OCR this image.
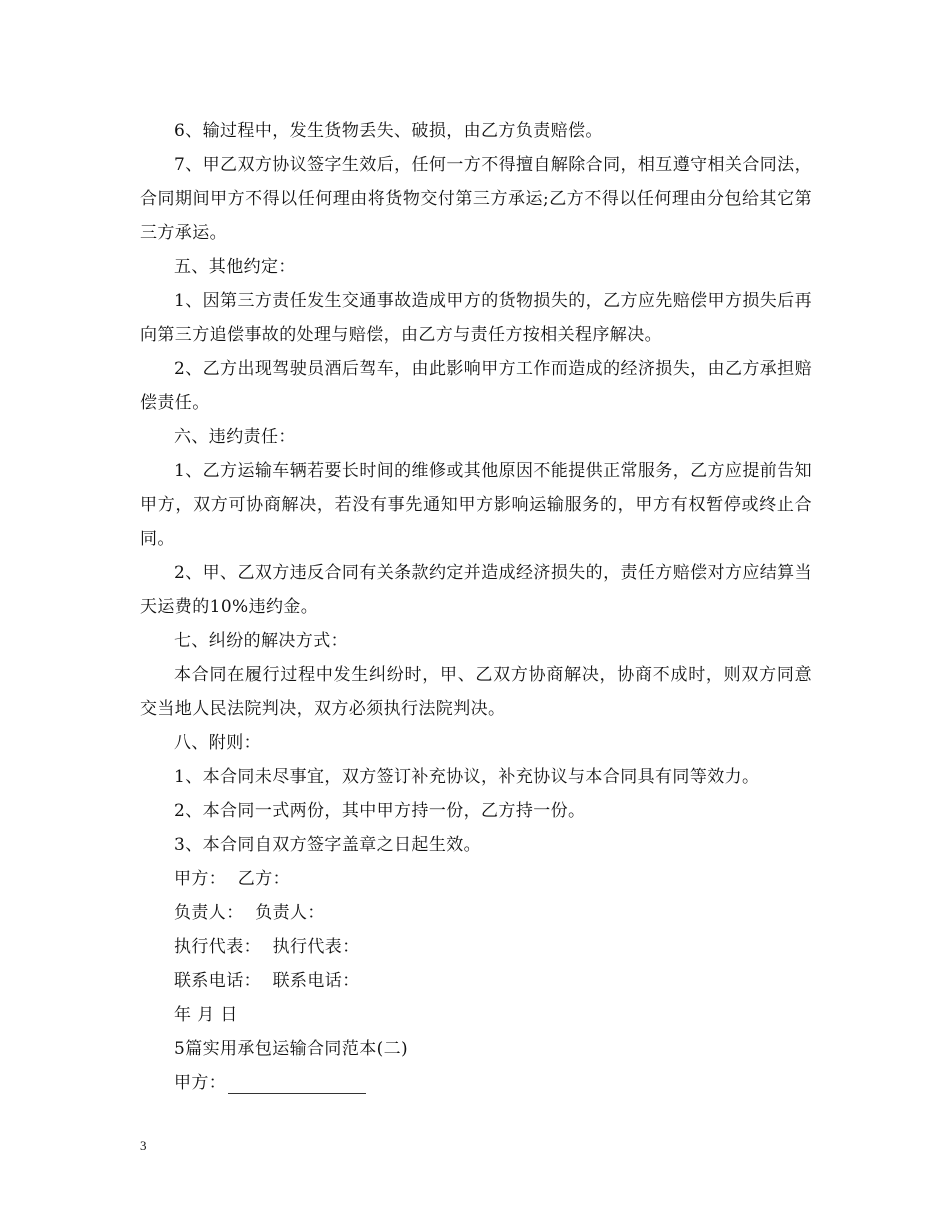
6、输过程中，发生货物丢失、破损，由乙方负责赔偿。

7、甲乙双方协议签字生效后，任何一方不得擅自解除合同，相互遵守相关合同法，合同期间甲方不得以任何理由将货物交付第三方承运;乙方不得以任何理由分包给其它第三方承运。

五、其他约定：

1、因第三方责任发生交通事故造成甲方的货物损失的，乙方应先赔偿甲方损失后再向第三方追偿事故的处理与赔偿，由乙方与责任方按相关程序解决。

2、乙方出现驾驶员酒后驾车，由此影响甲方工作而造成的经济损失，由乙方承担赔偿责任。

六、违约责任：

1、乙方运输车辆若要长时间的维修或其他原因不能提供正常服务，乙方应提前告知甲方，双方可协商解决，若没有事先通知甲方影响运输服务的，甲方有权暂停或终止合同。

2、甲、乙双方违反合同有关条款约定并造成经济损失的，责任方赔偿对方应结算当天运费的10%违约金。

七、纠纷的解决方式：

本合同在履行过程中发生纠纷时，甲、乙双方协商解决，协商不成时，则双方同意交当地人民法院判决，双方必须执行法院判决。

八、附则：

1、本合同未尽事宜，双方签订补充协议，补充协议与本合同具有同等效力。

2、本合同一式两份，其中甲方持一份，乙方持一份。

3、本合同自双方签字盖章之日起生效。

甲方：  乙方：

负责人：  负责人：

执行代表：  执行代表：

联系电话：  联系电话：

年 月 日

5篇实用承包运输合同范本(二)

甲方：

3
